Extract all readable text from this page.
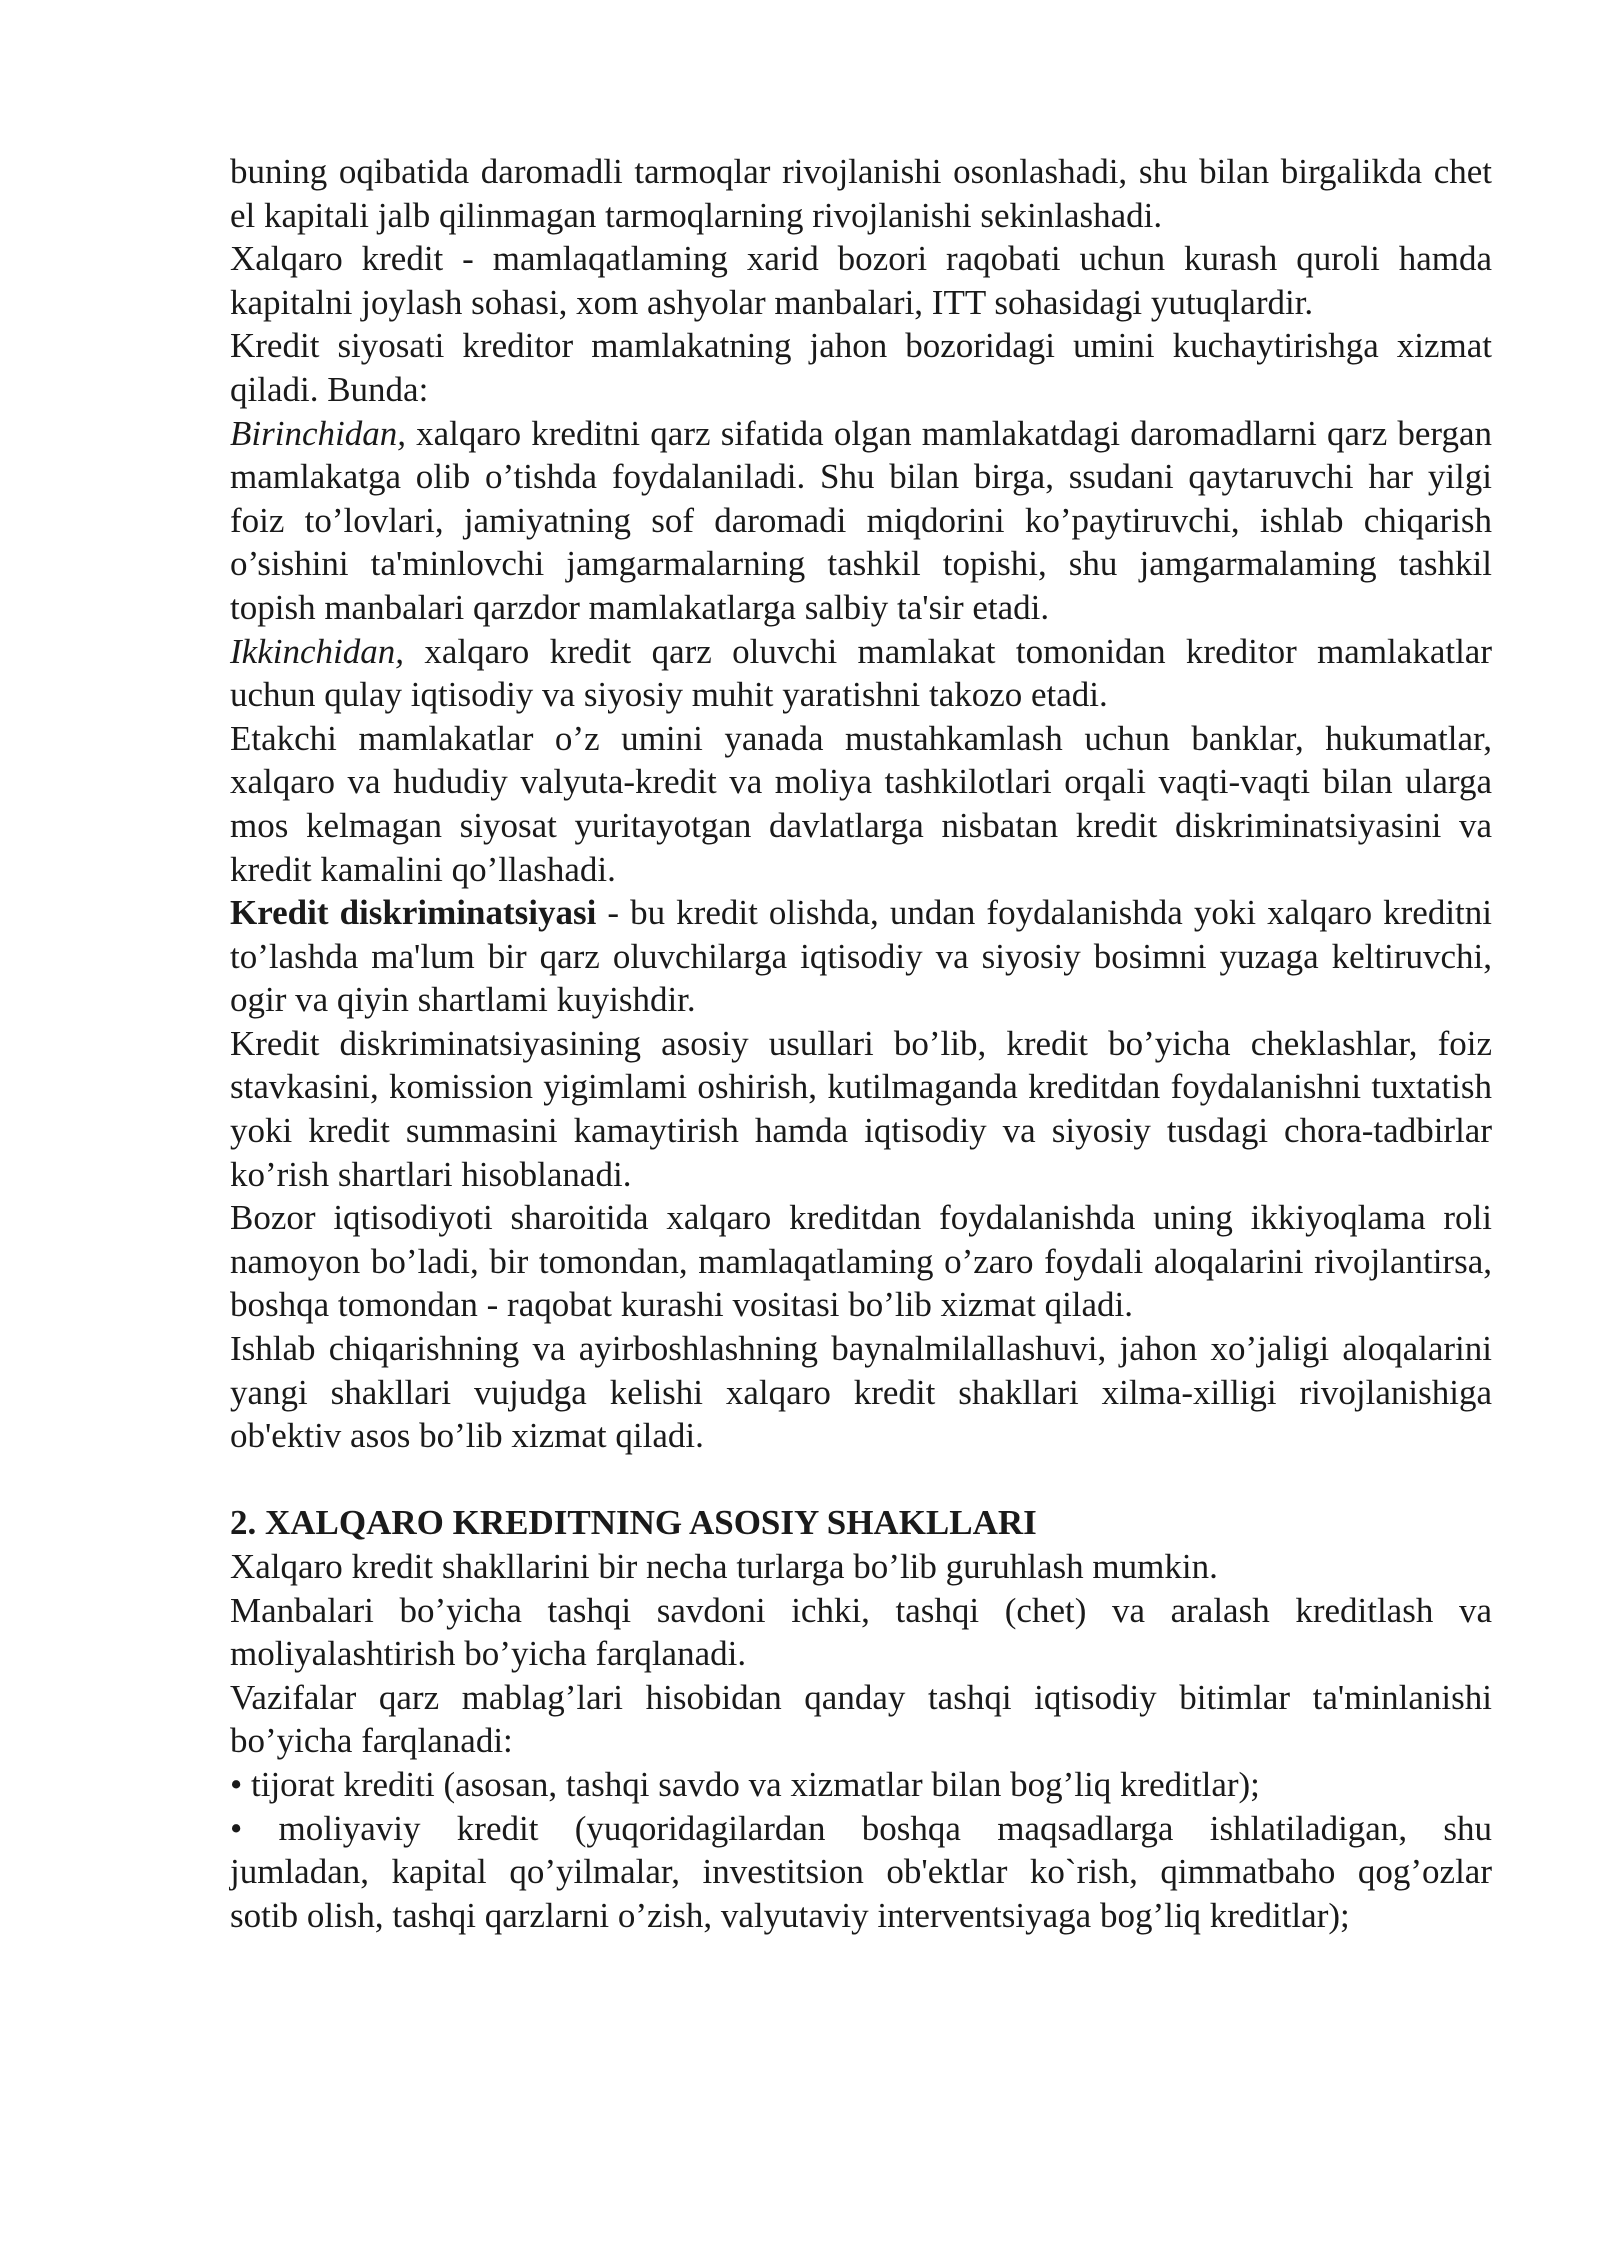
buning oqibatida daromadli tarmoqlar rivojlanishi osonlashadi, shu bilan birgalikda chet el kapitali jalb qilinmagan tarmoqlarning rivojlanishi sekinlashadi.

Xalqaro kredit - mamlaqatlaming xarid bozori raqobati uchun kurash quroli hamda kapitalni joylash sohasi, xom ashyolar manbalari, ITT sohasidagi yutuqlardir.

Kredit siyosati kreditor mamlakatning jahon bozoridagi umini kuchaytirishga xizmat qiladi. Bunda:

Birinchidan, xalqaro kreditni qarz sifatida olgan mamlakatdagi daromadlarni qarz bergan mamlakatga olib o’tishda foydalaniladi. Shu bilan birga, ssudani qaytaruvchi har yilgi foiz to’lovlari, jamiyatning sof daromadi miqdorini ko’paytiruvchi, ishlab chiqarish o’sishini ta'minlovchi jamgarmalarning tashkil topishi, shu jamgarmalaming tashkil topish manbalari qarzdor mamlakatlarga salbiy ta'sir etadi.

Ikkinchidan, xalqaro kredit qarz oluvchi mamlakat tomonidan kreditor mamlakatlar uchun qulay iqtisodiy va siyosiy muhit yaratishni takozo etadi.

Etakchi mamlakatlar o’z umini yanada mustahkamlash uchun banklar, hukumatlar, xalqaro va hududiy valyuta-kredit va moliya tashkilotlari orqali vaqti-vaqti bilan ularga mos kelmagan siyosat yuritayotgan davlatlarga nisbatan kredit diskriminatsiyasini va kredit kamalini qo’llashadi.

Kredit diskriminatsiyasi - bu kredit olishda, undan foydalanishda yoki xalqaro kreditni to’lashda ma'lum bir qarz oluvchilarga iqtisodiy va siyosiy bosimni yuzaga keltiruvchi, ogir va qiyin shartlami kuyishdir.

Kredit diskriminatsiyasining asosiy usullari bo’lib, kredit bo’yicha cheklashlar, foiz stavkasini, komission yigimlami oshirish, kutilmaganda kreditdan foydalanishni tuxtatish yoki kredit summasini kamaytirish hamda iqtisodiy va siyosiy tusdagi chora-tadbirlar ko’rish shartlari hisoblanadi.

Bozor iqtisodiyoti sharoitida xalqaro kreditdan foydalanishda uning ikkiyoqlama roli namoyon bo’ladi, bir tomondan, mamlaqatlaming o’zaro foydali aloqalarini rivojlantirsa, boshqa tomondan - raqobat kurashi vositasi bo’lib xizmat qiladi.

Ishlab chiqarishning va ayirboshlashning baynalmilallashuvi, jahon xo’jaligi aloqalarini yangi shakllari vujudga kelishi xalqaro kredit shakllari xilma-xilligi rivojlanishiga ob'ektiv asos bo’lib xizmat qiladi.

2. XALQARO KREDITNING ASOSIY SHAKLLARI

Xalqaro kredit shakllarini bir necha turlarga bo’lib guruhlash mumkin.

Manbalari bo’yicha tashqi savdoni ichki, tashqi (chet) va aralash kreditlash va moliyalashtirish bo’yicha farqlanadi.

Vazifalar qarz mablag’lari hisobidan qanday tashqi iqtisodiy bitimlar ta'minlanishi bo’yicha farqlanadi:

• tijorat krediti (asosan, tashqi savdo va xizmatlar bilan bog’liq kreditlar);

• moliyaviy kredit (yuqoridagilardan boshqa maqsadlarga ishlatiladigan, shu

jumladan, kapital qo’yilmalar, investitsion ob'ektlar ko`rish, qimmatbaho qog’ozlar

sotib olish, tashqi qarzlarni o’zish, valyutaviy interventsiyaga bog’liq kreditlar);
